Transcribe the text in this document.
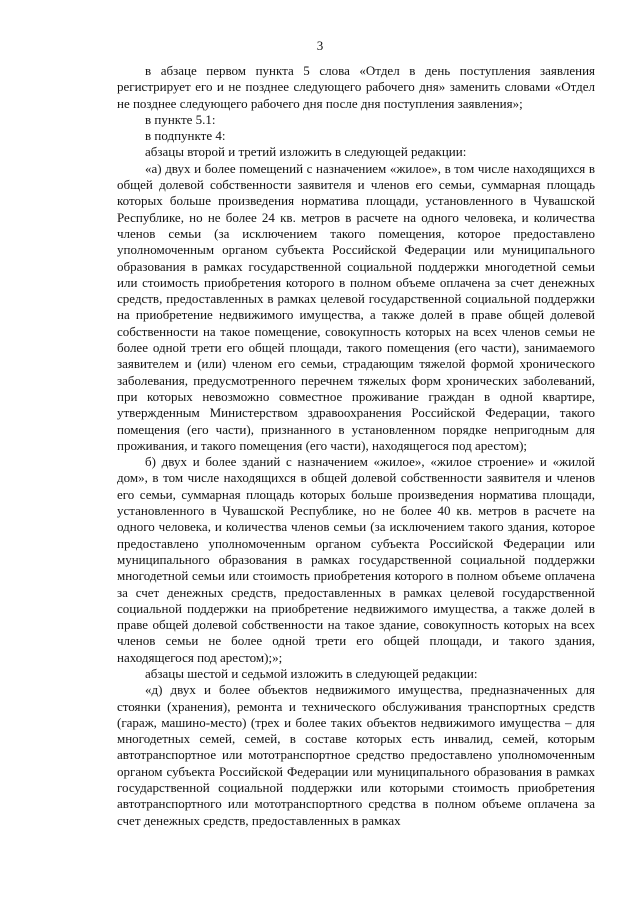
3

в абзаце первом пункта 5 слова «Отдел в день поступления заявления регистрирует его и не позднее следующего рабочего дня» заменить словами «Отдел не позднее следующего рабочего дня после дня поступления заявления»;

в пункте 5.1:

в подпункте 4:

абзацы второй и третий изложить в следующей редакции:

«а) двух и более помещений с назначением «жилое», в том числе находящихся в общей долевой собственности заявителя и членов его семьи, суммарная площадь которых больше произведения норматива площади, установленного в Чувашской Республике, но не более 24 кв. метров в расчете на одного человека, и количества членов семьи (за исключением такого помещения, которое предоставлено уполномоченным органом субъекта Российской Федерации или муниципального образования в рамках государственной социальной поддержки многодетной семьи или стоимость приобретения которого в полном объеме оплачена за счет денежных средств, предоставленных в рамках целевой государственной социальной поддержки на приобретение недвижимого имущества, а также долей в праве общей долевой собственности на такое помещение, совокупность которых на всех членов семьи не более одной трети его общей площади, такого помещения (его части), занимаемого заявителем и (или) членом его семьи, страдающим тяжелой формой хронического заболевания, предусмотренного перечнем тяжелых форм хронических заболеваний, при которых невозможно совместное проживание граждан в одной квартире, утвержденным Министерством здравоохранения Российской Федерации, такого помещения (его части), признанного в установленном порядке непригодным для проживания, и такого помещения (его части), находящегося под арестом);

б) двух и более зданий с назначением «жилое», «жилое строение» и «жилой дом», в том числе находящихся в общей долевой собственности заявителя и членов его семьи, суммарная площадь которых больше произведения норматива площади, установленного в Чувашской Республике, но не более 40 кв. метров в расчете на одного человека, и количества членов семьи (за исключением такого здания, которое предоставлено уполномоченным органом субъекта Российской Федерации или муниципального образования в рамках государственной социальной поддержки многодетной семьи или стоимость приобретения которого в полном объеме оплачена за счет денежных средств, предоставленных в рамках целевой государственной социальной поддержки на приобретение недвижимого имущества, а также долей в праве общей долевой собственности на такое здание, совокупность которых на всех членов семьи не более одной трети его общей площади, и такого здания, находящегося под арестом);»;

абзацы шестой и седьмой изложить в следующей редакции:

«д) двух и более объектов недвижимого имущества, предназначенных для стоянки (хранения), ремонта и технического обслуживания транспортных средств (гараж, машино-место) (трех и более таких объектов недвижимого имущества – для многодетных семей, семей, в составе которых есть инвалид, семей, которым автотранспортное или мототранспортное средство предоставлено уполномоченным органом субъекта Российской Федерации или муниципального образования в рамках государственной социальной поддержки или которыми стоимость приобретения автотранспортного или мототранспортного средства в полном объеме оплачена за счет денежных средств, предоставленных в рамках
